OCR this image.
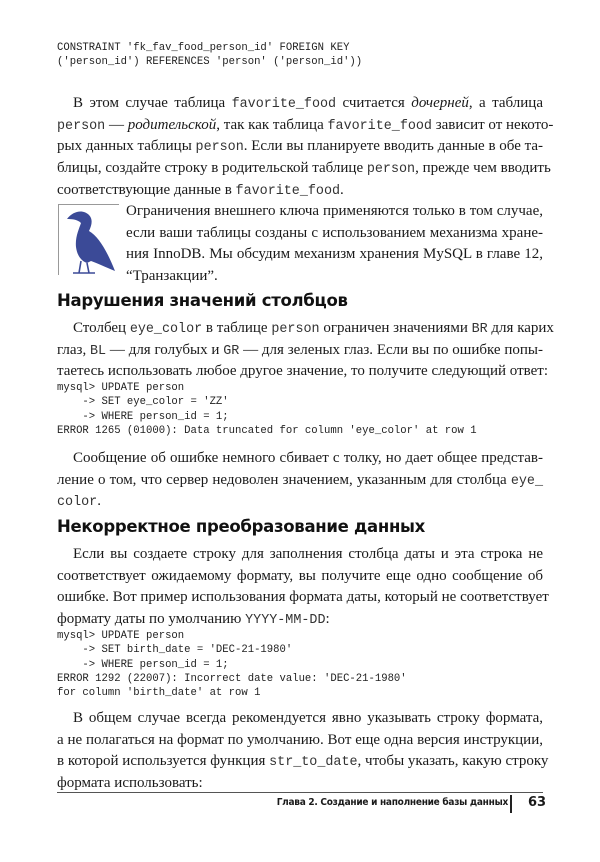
CONSTRAINT 'fk_fav_food_person_id' FOREIGN KEY
('person_id') REFERENCES 'person' ('person_id'))
В этом случае таблица favorite_food считается дочерней, а таблица
person — родительской, так как таблица favorite_food зависит от некото-
рых данных таблицы person. Если вы планируете вводить данные в обе та-
блицы, создайте строку в родительской таблице person, прежде чем вводить
соответствующие данные в favorite_food.
Ограничения внешнего ключа применяются только в том случае,
если ваши таблицы созданы с использованием механизма хране-
ния InnoDB. Мы обсудим механизм хранения MySQL в главе 12,
“Транзакции”.
Нарушения значений столбцов
Столбец eye_color в таблице person ограничен значениями BR для карих
глаз, BL — для голубых и GR — для зеленых глаз. Если вы по ошибке попы-
таетесь использовать любое другое значение, то получите следующий ответ:
mysql> UPDATE person
-> SET eye_color = 'ZZ'
-> WHERE person_id = 1;
ERROR 1265 (01000): Data truncated for column 'eye_color' at row 1
Сообщение об ошибке немного сбивает с толку, но дает общее представ-
ление о том, что сервер недоволен значением, указанным для столбца eye_
color.
Некорректное преобразование данных
Если вы создаете строку для заполнения столбца даты и эта строка не
соответствует ожидаемому формату, вы получите еще одно сообщение об
ошибке. Вот пример использования формата даты, который не соответствует
формату даты по умолчанию YYYY-MM-DD:
mysql> UPDATE person
-> SET birth_date = 'DEC-21-1980'
-> WHERE person_id = 1;
ERROR 1292 (22007): Incorrect date value: 'DEC-21-1980'
for column 'birth_date' at row 1
В общем случае всегда рекомендуется явно указывать строку формата,
а не полагаться на формат по умолчанию. Вот еще одна версия инструкции,
в которой используется функция str_to_date, чтобы указать, какую строку
формата использовать:
Глава 2. Создание и наполнение базы данных 63
